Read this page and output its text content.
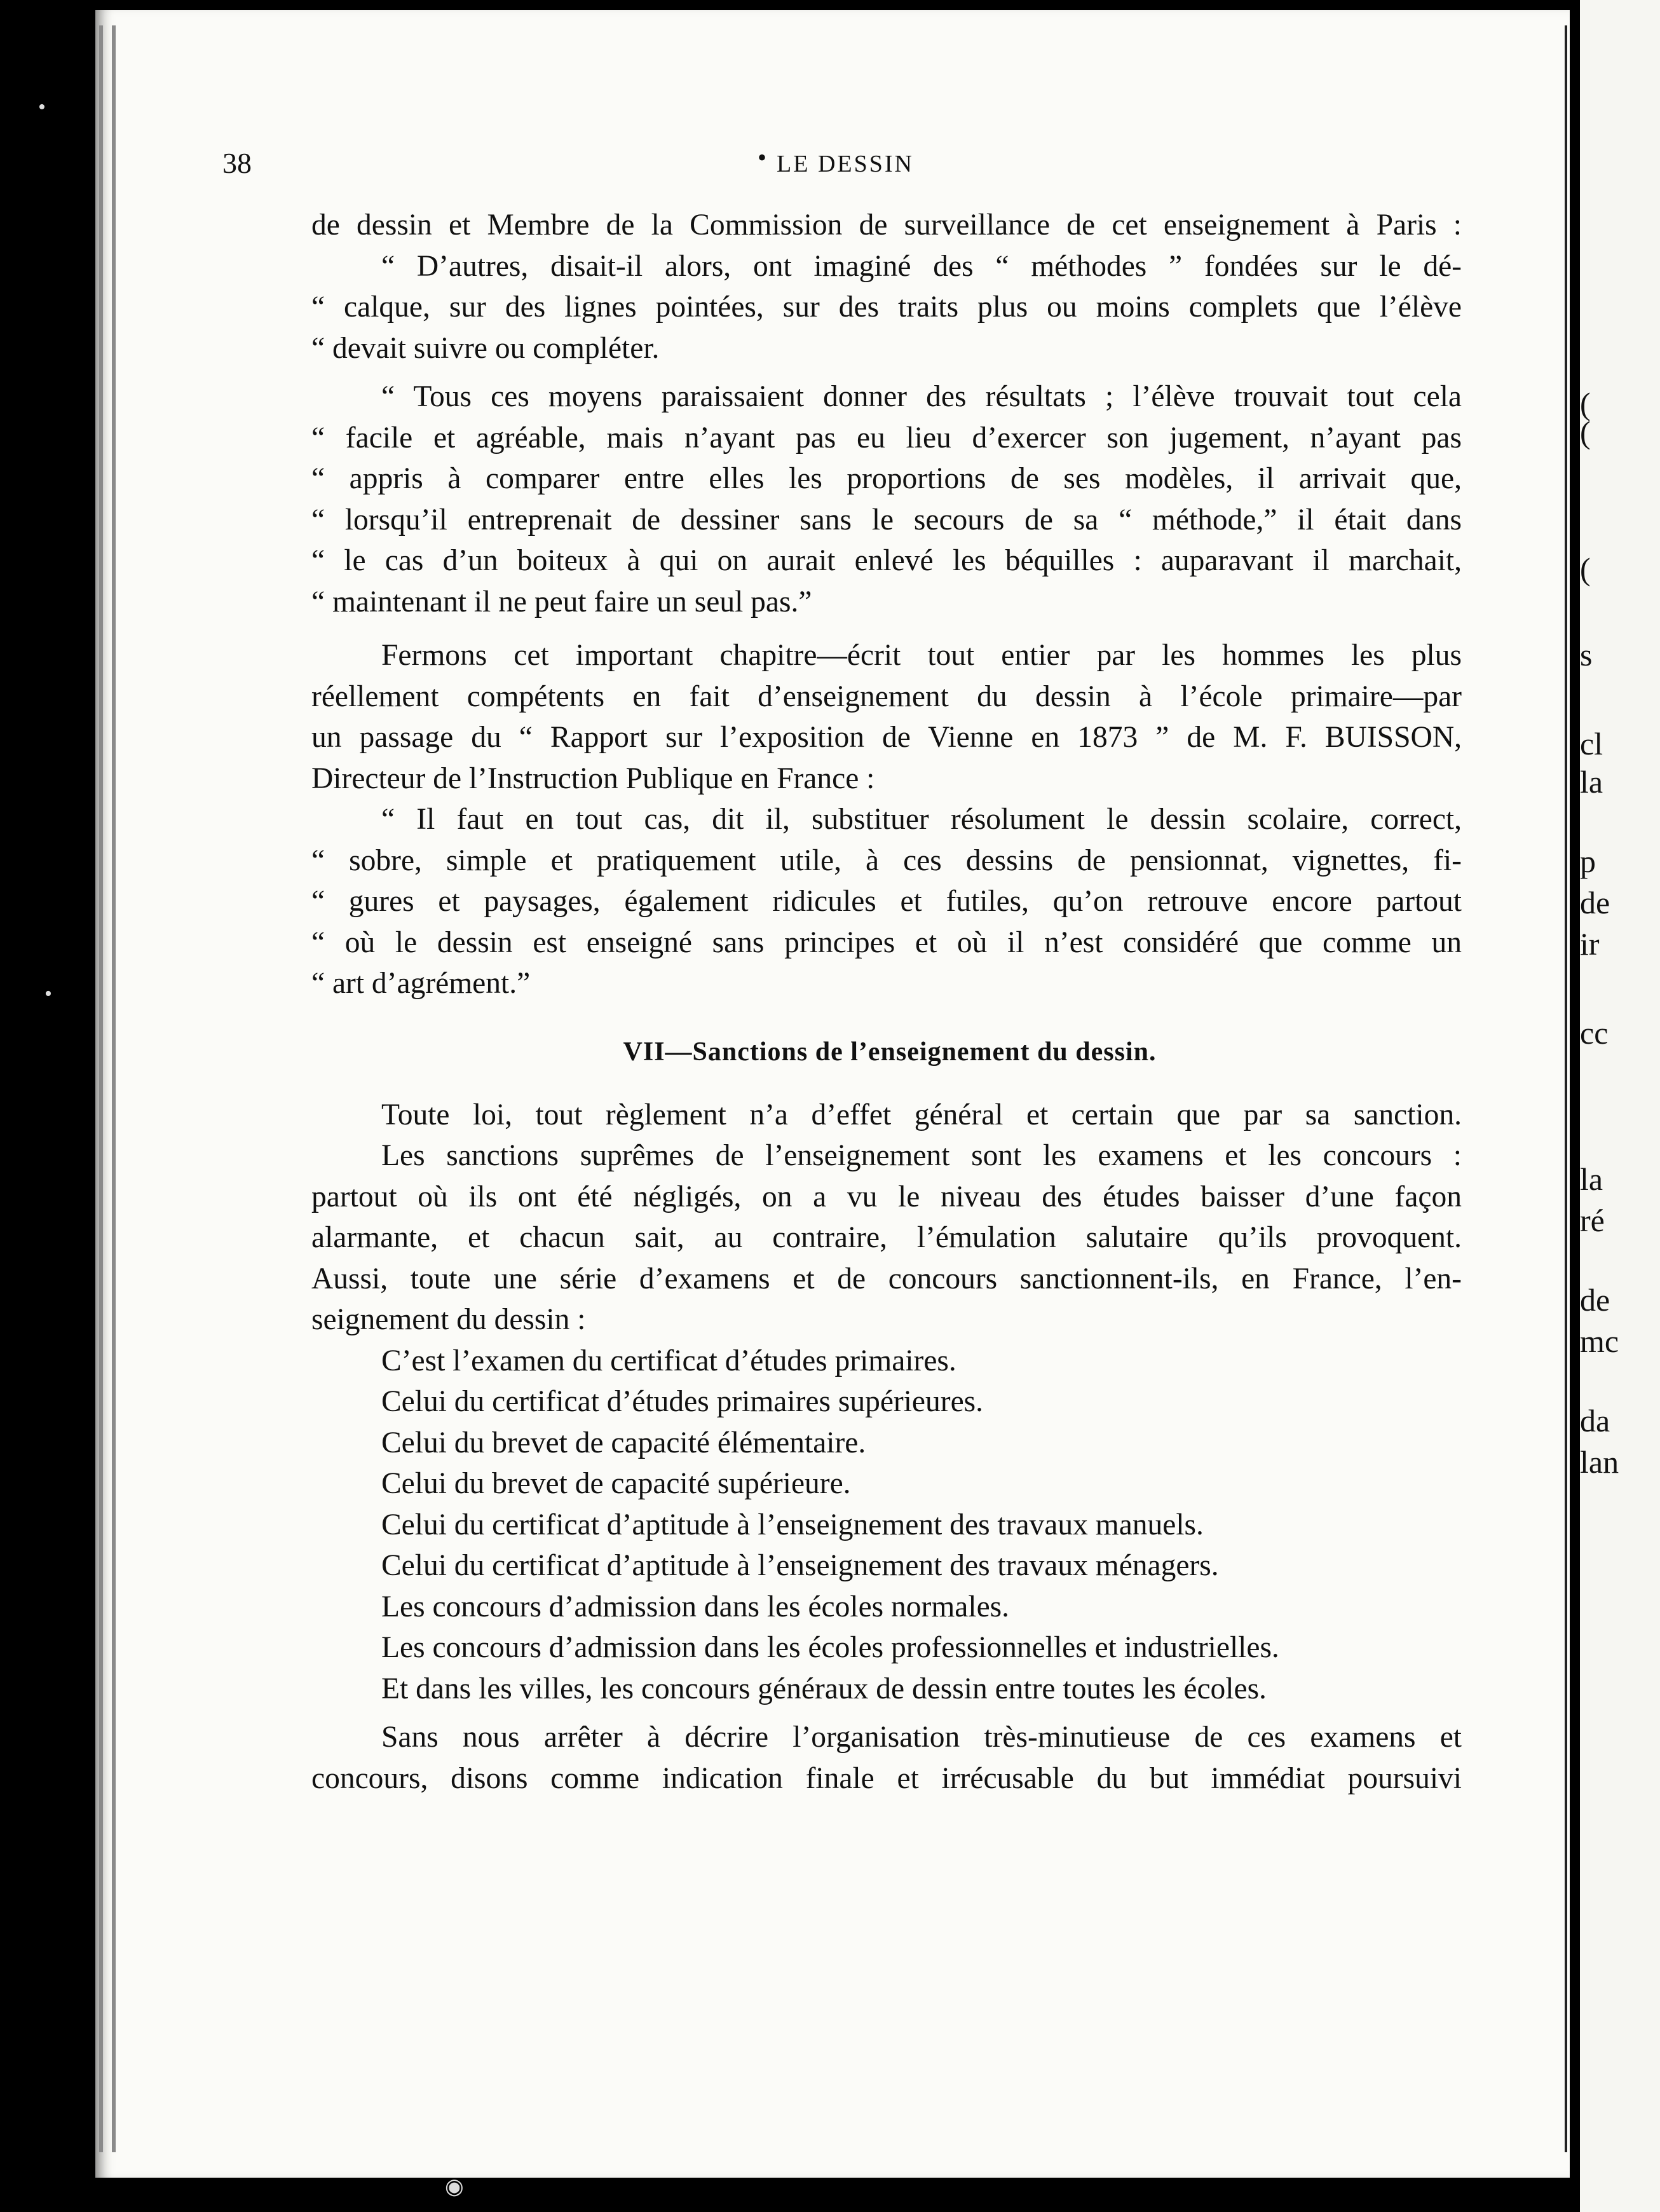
•
•
◉
38	• LE DESSIN
de dessin et Membre de la Commission de surveillance de cet enseignement à Paris :
“ D’autres, disait-il alors, ont imaginé des “ méthodes ” fondées sur le dé-
“ calque, sur des lignes pointées, sur des traits plus ou moins complets que l’élève
“ devait suivre ou compléter.
“ Tous ces moyens paraissaient donner des résultats ; l’élève trouvait tout cela
“ facile et agréable, mais n’ayant pas eu lieu d’exercer son jugement, n’ayant pas
“ appris à comparer entre elles les proportions de ses modèles, il arrivait que,
“ lorsqu’il entreprenait de dessiner sans le secours de sa “ méthode,” il était dans
“ le cas d’un boiteux à qui on aurait enlevé les béquilles : auparavant il marchait,
“ maintenant il ne peut faire un seul pas.”
Fermons cet important chapitre—écrit tout entier par les hommes les plus
réellement compétents en fait d’enseignement du dessin à l’école primaire—par
un passage du “ Rapport sur l’exposition de Vienne en 1873 ” de M. F. BUISSON,
Directeur de l’Instruction Publique en France :
“ Il faut en tout cas, dit il, substituer résolument le dessin scolaire, correct,
“ sobre, simple et pratiquement utile, à ces dessins de pensionnat, vignettes, fi-
“ gures et paysages, également ridicules et futiles, qu’on retrouve encore partout
“ où le dessin est enseigné sans principes et où il n’est considéré que comme un
“ art d’agrément.”
VII—Sanctions de l’enseignement du dessin.
Toute loi, tout règlement n’a d’effet général et certain que par sa sanction.
Les sanctions suprêmes de l’enseignement sont les examens et les concours :
partout où ils ont été négligés, on a vu le niveau des études baisser d’une façon
alarmante, et chacun sait, au contraire, l’émulation salutaire qu’ils provoquent.
Aussi, toute une série d’examens et de concours sanctionnent-ils, en France, l’en-
seignement du dessin :
C’est l’examen du certificat d’études primaires.
Celui du certificat d’études primaires supérieures.
Celui du brevet de capacité élémentaire.
Celui du brevet de capacité supérieure.
Celui du certificat d’aptitude à l’enseignement des travaux manuels.
Celui du certificat d’aptitude à l’enseignement des travaux ménagers.
Les concours d’admission dans les écoles normales.
Les concours d’admission dans les écoles professionnelles et industrielles.
Et dans les villes, les concours généraux de dessin entre toutes les écoles.
Sans nous arrêter à décrire l’organisation très-minutieuse de ces examens et
concours, disons comme indication finale et irrécusable du but immédiat poursuivi
(
(
(
s
cl
la
p
de
ir
cc
la
ré
de
mc
da
lan
